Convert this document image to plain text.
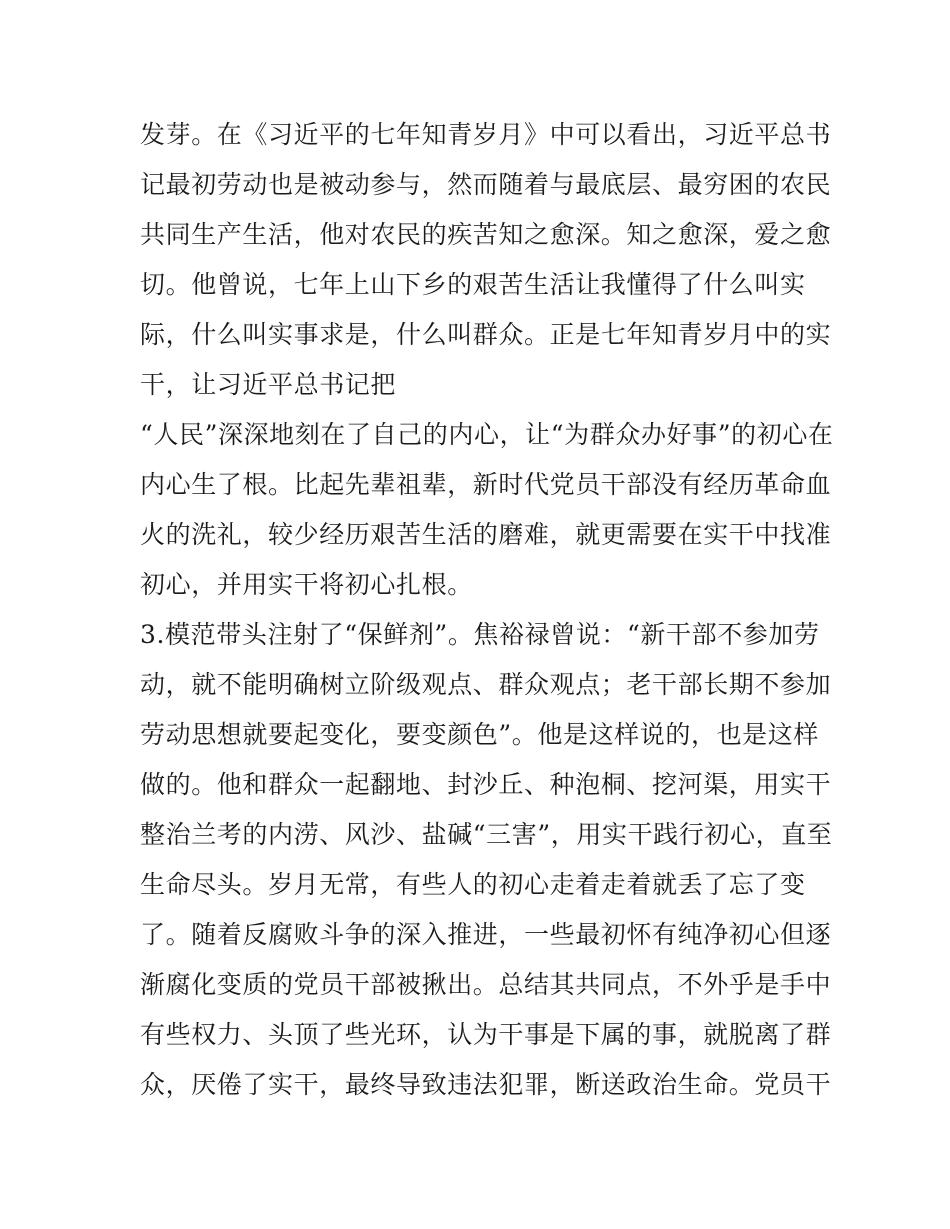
发芽。在《习近平的七年知青岁月》中可以看出，习近平总书
记最初劳动也是被动参与，然而随着与最底层、最穷困的农民
共同生产生活，他对农民的疾苦知之愈深。知之愈深，爱之愈
切。他曾说，七年上山下乡的艰苦生活让我懂得了什么叫实
际，什么叫实事求是，什么叫群众。正是七年知青岁月中的实
干，让习近平总书记把
“人民”深深地刻在了自己的内心，让“为群众办好事”的初心在
内心生了根。比起先辈祖辈，新时代党员干部没有经历革命血
火的洗礼，较少经历艰苦生活的磨难，就更需要在实干中找准
初心，并用实干将初心扎根。
3.模范带头注射了“保鲜剂”。焦裕禄曾说：“新干部不参加劳
动，就不能明确树立阶级观点、群众观点；老干部长期不参加
劳动思想就要起变化，要变颜色”。他是这样说的，也是这样
做的。他和群众一起翻地、封沙丘、种泡桐、挖河渠，用实干
整治兰考的内涝、风沙、盐碱“三害”，用实干践行初心，直至
生命尽头。岁月无常，有些人的初心走着走着就丢了忘了变
了。随着反腐败斗争的深入推进，一些最初怀有纯净初心但逐
渐腐化变质的党员干部被揪出。总结其共同点，不外乎是手中
有些权力、头顶了些光环，认为干事是下属的事，就脱离了群
众，厌倦了实干，最终导致违法犯罪，断送政治生命。党员干
